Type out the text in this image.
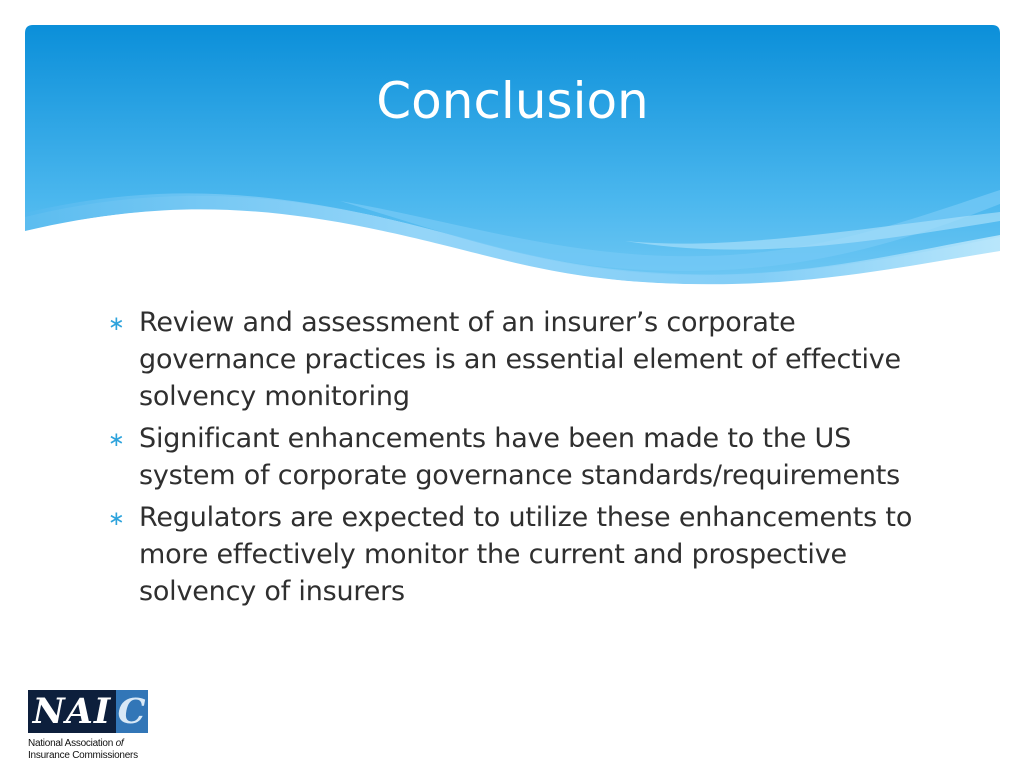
Conclusion
∗ Review and assessment of an insurer’s corporate governance practices is an essential element of effective solvency monitoring
∗ Significant enhancements have been made to the US system of corporate governance standards/requirements
∗ Regulators are expected to utilize these enhancements to more effectively monitor the current and prospective solvency of insurers
NAI C
National Association of
Insurance Commissioners
